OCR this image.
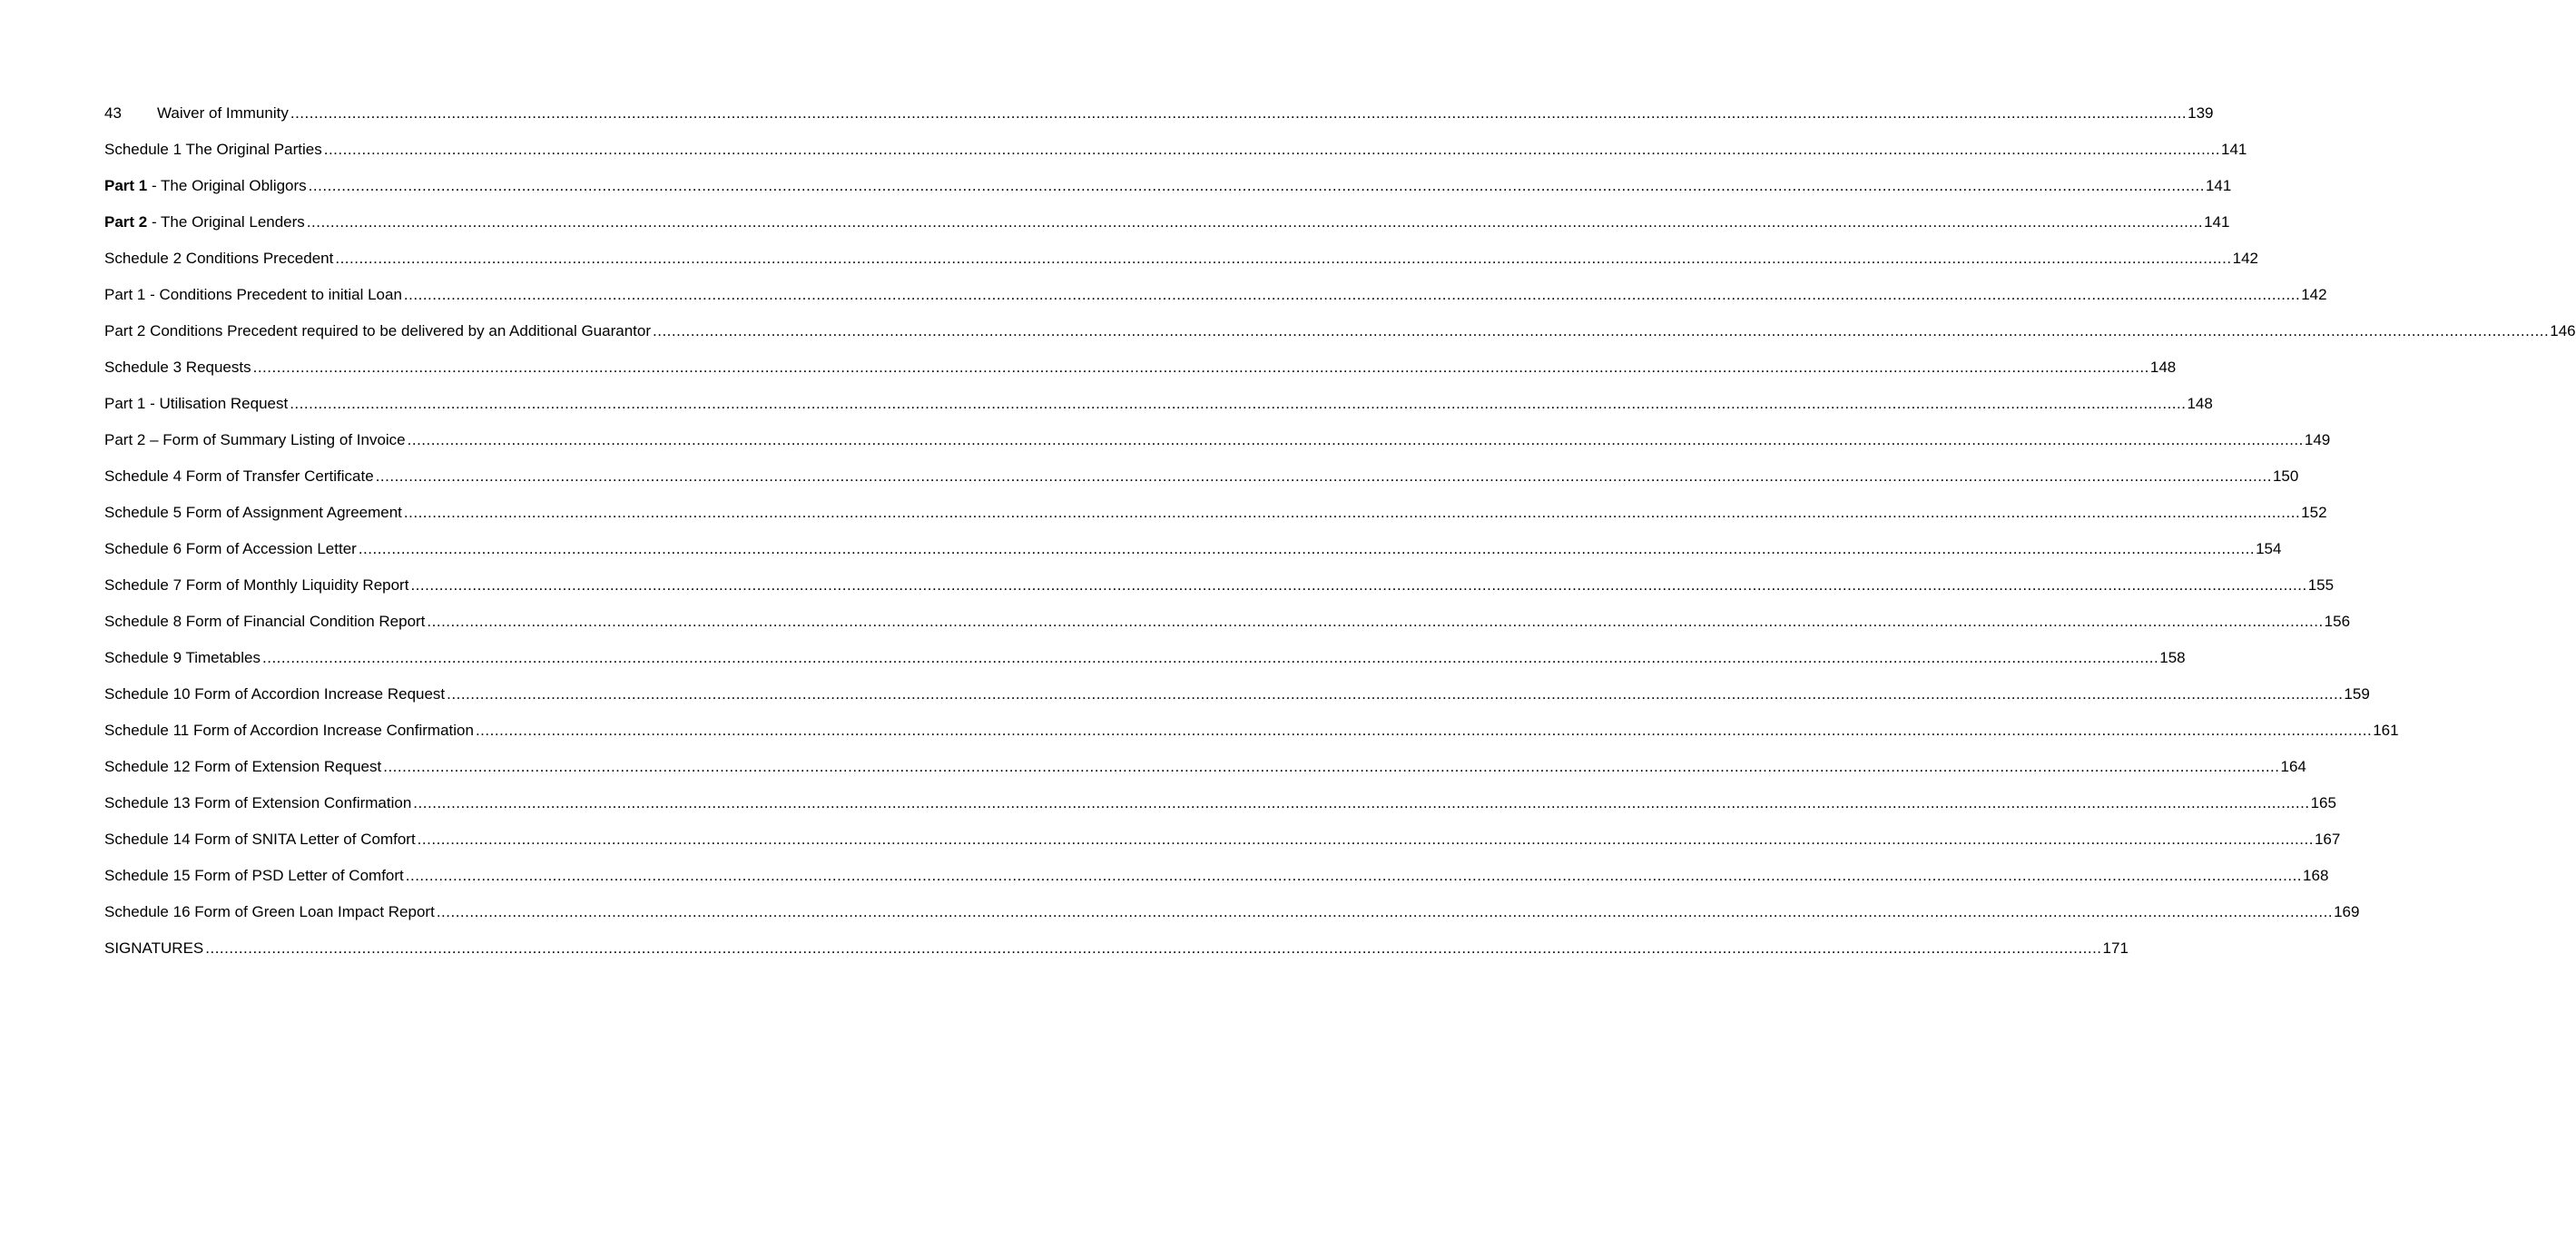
43	Waiver of Immunity ................................................................................................................................................................................................................................................................................................................................................................................................................ 139
Schedule 1 The Original Parties ................................................................................................................................................................................................................................................................................................................................................................................................................ 141
Part 1 - The Original Obligors ................................................................................................................................................................................................................................................................................................................................................................................................................ 141
Part 2 - The Original Lenders ................................................................................................................................................................................................................................................................................................................................................................................................................ 141
Schedule 2 Conditions Precedent ................................................................................................................................................................................................................................................................................................................................................................................................................ 142
Part 1 - Conditions Precedent to initial Loan ................................................................................................................................................................................................................................................................................................................................................................................................................ 142
Part 2 Conditions Precedent required to be delivered by an Additional Guarantor ................................................................................................................................................................................................................................................................................................................................................................................................................ 146
Schedule 3 Requests ................................................................................................................................................................................................................................................................................................................................................................................................................ 148
Part 1 - Utilisation Request ................................................................................................................................................................................................................................................................................................................................................................................................................ 148
Part 2 – Form of Summary Listing of Invoice ................................................................................................................................................................................................................................................................................................................................................................................................................ 149
Schedule 4 Form of Transfer Certificate ................................................................................................................................................................................................................................................................................................................................................................................................................ 150
Schedule 5 Form of Assignment Agreement ................................................................................................................................................................................................................................................................................................................................................................................................................ 152
Schedule 6 Form of Accession Letter ................................................................................................................................................................................................................................................................................................................................................................................................................ 154
Schedule 7 Form of Monthly Liquidity Report ................................................................................................................................................................................................................................................................................................................................................................................................................ 155
Schedule 8 Form of Financial Condition Report ................................................................................................................................................................................................................................................................................................................................................................................................................ 156
Schedule 9 Timetables ................................................................................................................................................................................................................................................................................................................................................................................................................ 158
Schedule 10 Form of Accordion Increase Request ................................................................................................................................................................................................................................................................................................................................................................................................................ 159
Schedule 11 Form of Accordion Increase Confirmation ................................................................................................................................................................................................................................................................................................................................................................................................................ 161
Schedule 12 Form of Extension Request ................................................................................................................................................................................................................................................................................................................................................................................................................ 164
Schedule 13 Form of Extension Confirmation ................................................................................................................................................................................................................................................................................................................................................................................................................ 165
Schedule 14 Form of SNITA Letter of Comfort ................................................................................................................................................................................................................................................................................................................................................................................................................ 167
Schedule 15 Form of PSD Letter of Comfort ................................................................................................................................................................................................................................................................................................................................................................................................................ 168
Schedule 16 Form of Green Loan Impact Report ................................................................................................................................................................................................................................................................................................................................................................................................................ 169
SIGNATURES ................................................................................................................................................................................................................................................................................................................................................................................................................ 171
